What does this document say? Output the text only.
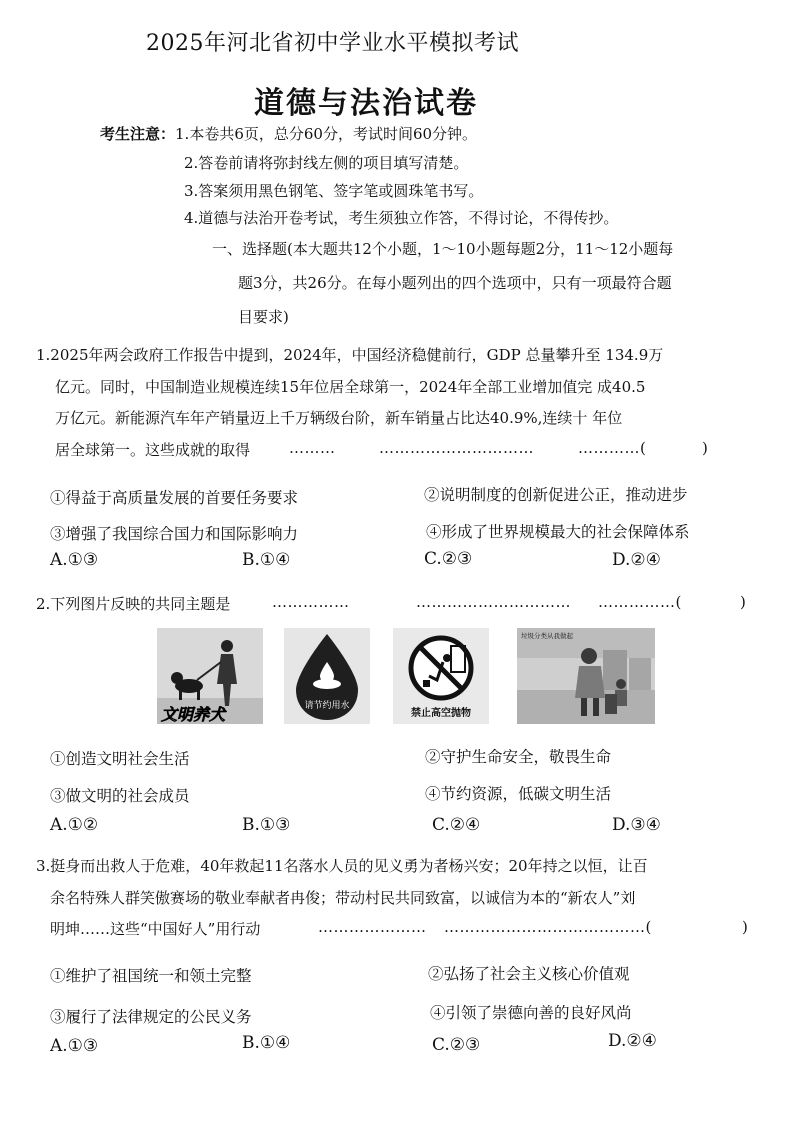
2025年河北省初中学业水平模拟考试
道德与法治试卷
考生注意：1.本卷共6页，总分60分，考试时间60分钟。
2.答卷前请将弥封线左侧的项目填写清楚。
3.答案须用黑色钢笔、签字笔或圆珠笔书写。
4.道德与法治开卷考试，考生须独立作答，不得讨论，不得传抄。
一、选择题(本大题共12个小题，1～10小题每题2分，11～12小题每
题3分，共26分。在每小题列出的四个选项中，只有一项最符合题
目要求)
1.2025年两会政府工作报告中提到，2024年，中国经济稳健前行，GDP 总量攀升至 134.9万
亿元。同时，中国制造业规模连续15年位居全球第一，2024年全部工业增加值完 成40.5
万亿元。新能源汽车年产销量迈上千万辆级台阶，新车销量占比达40.9%,连续十 年位
居全球第一。这些成就的取得	………	…………………………	…………(	)
①得益于高质量发展的首要任务要求	②说明制度的创新促进公正，推动进步
③增强了我国综合国力和国际影响力	④形成了世界规模最大的社会保障体系
A.①③	B.①④	C.②③	D.②④
2.下列图片反映的共同主题是	……………	………………………… ……………(	)
文明养犬	请节约用水
禁止高空抛物
垃圾分类从我做起
①创造文明社会生活	②守护生命安全，敬畏生命
③做文明的社会成员	④节约资源，低碳文明生活
A.①②	B.①③	C.②④	D.③④
3.挺身而出救人于危难，40年救起11名落水人员的见义勇为者杨兴安；20年持之以恒，让百
余名特殊人群笑傲赛场的敬业奉献者冉俊；带动村民共同致富，以诚信为本的“新农人”刘
明坤……这些“中国好人”用行动	………………… …………………………………(	)
①维护了祖国统一和领土完整	②弘扬了社会主义核心价值观
③履行了法律规定的公民义务	④引领了崇德向善的良好风尚
A.①③	B.①④	C.②③	D.②④
